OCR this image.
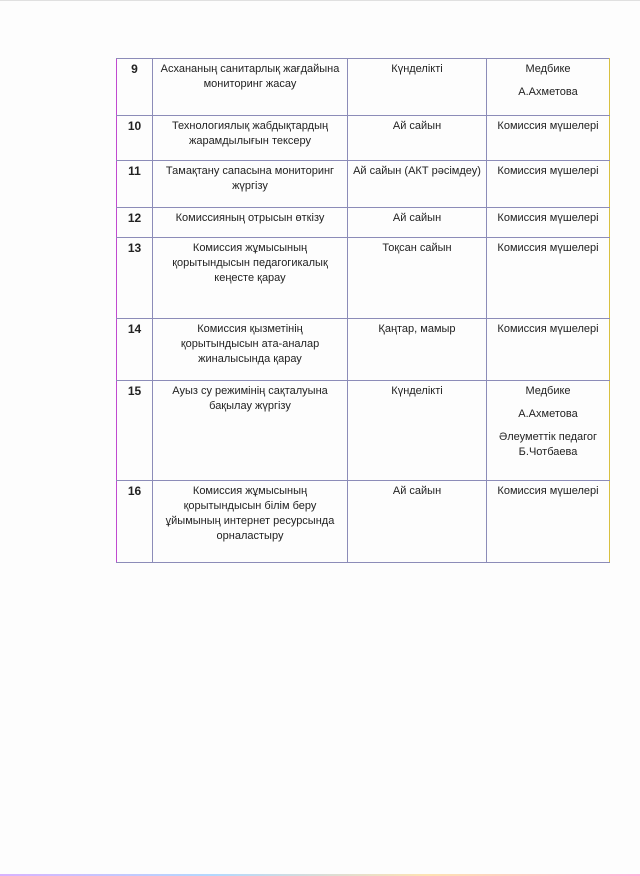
9	Асхананың санитарлық жағдайына мониторинг жасау	Күнделікті	Медбике
А.Ахметова

10	Технологиялық жабдықтардың жарамдылығын тексеру	Ай сайын	Комиссия мүшелері

11	Тамақтану сапасына мониторинг жүргізу	Ай сайын (АКТ рәсімдеу)	Комиссия мүшелері

12	Комиссияның отрысын өткізу	Ай сайын	Комиссия мүшелері

13	Комиссия жұмысының қорытындысын педагогикалық кеңесте қарау	Тоқсан сайын	Комиссия мүшелері

14	Комиссия қызметінің қорытындысын ата-аналар жиналысында қарау	Қаңтар, мамыр	Комиссия мүшелері

15	Ауыз су режимінің сақталуына бақылау жүргізу	Күнделікті	Медбике
А.Ахметова
Әлеуметтік педагог Б.Чотбаева

16	Комиссия жұмысының қорытындысын білім беру ұйымының интернет ресурсында орналастыру	Ай сайын	Комиссия мүшелері
